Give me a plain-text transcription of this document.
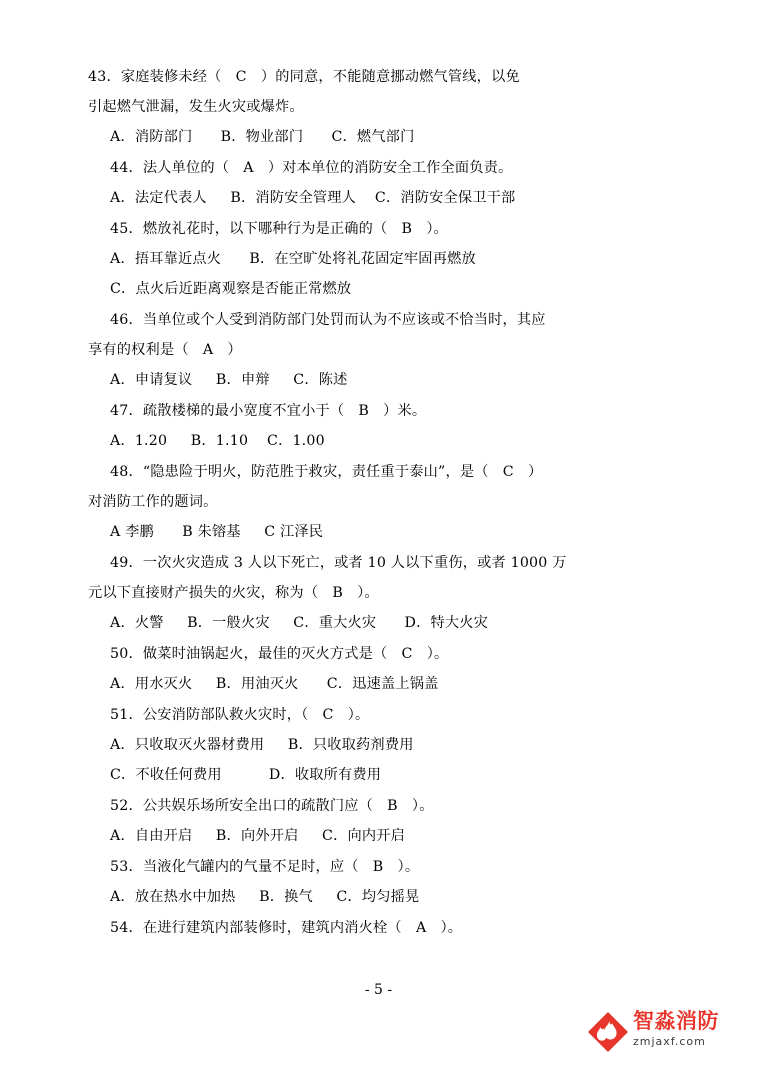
43．家庭装修未经（   C   ）的同意，不能随意挪动燃气管线，以免
引起燃气泄漏，发生火灾或爆炸。
A．消防部门      B．物业部门      C．燃气部门
44．法人单位的（   A   ）对本单位的消防安全工作全面负责。
A．法定代表人     B．消防安全管理人    C．消防安全保卫干部
45．燃放礼花时，以下哪种行为是正确的（   B   ）。
A．捂耳靠近点火      B．在空旷处将礼花固定牢固再燃放
C．点火后近距离观察是否能正常燃放
46．当单位或个人受到消防部门处罚而认为不应该或不恰当时，其应
享有的权利是（   A   ）
A．申请复议     B．申辩     C．陈述
47．疏散楼梯的最小宽度不宜小于（   B   ）米。
A．1.20     B．1.10    C．1.00
48．“隐患险于明火，防范胜于救灾，责任重于泰山”，是（   C   ）
对消防工作的题词。
A 李鹏      B 朱镕基     C 江泽民
49．一次火灾造成 3 人以下死亡，或者 10 人以下重伤，或者 1000 万
元以下直接财产损失的火灾，称为（   B   ）。
A．火警     B．一般火灾     C．重大火灾      D．特大火灾
50．做菜时油锅起火，最佳的灭火方式是（   C   ）。
A．用水灭火     B．用油灭火      C．迅速盖上锅盖
51．公安消防部队救火灾时，（   C   ）。
A．只收取灭火器材费用     B．只收取药剂费用
C．不收任何费用          D．收取所有费用
52．公共娱乐场所安全出口的疏散门应（   B   ）。
A．自由开启     B．向外开启     C．向内开启
53．当液化气罐内的气量不足时，应（   B   ）。
A．放在热水中加热     B．换气     C．均匀摇晃
54．在进行建筑内部装修时，建筑内消火栓（   A   ）。
- 5 -
智淼消防
zmjaxf.com
